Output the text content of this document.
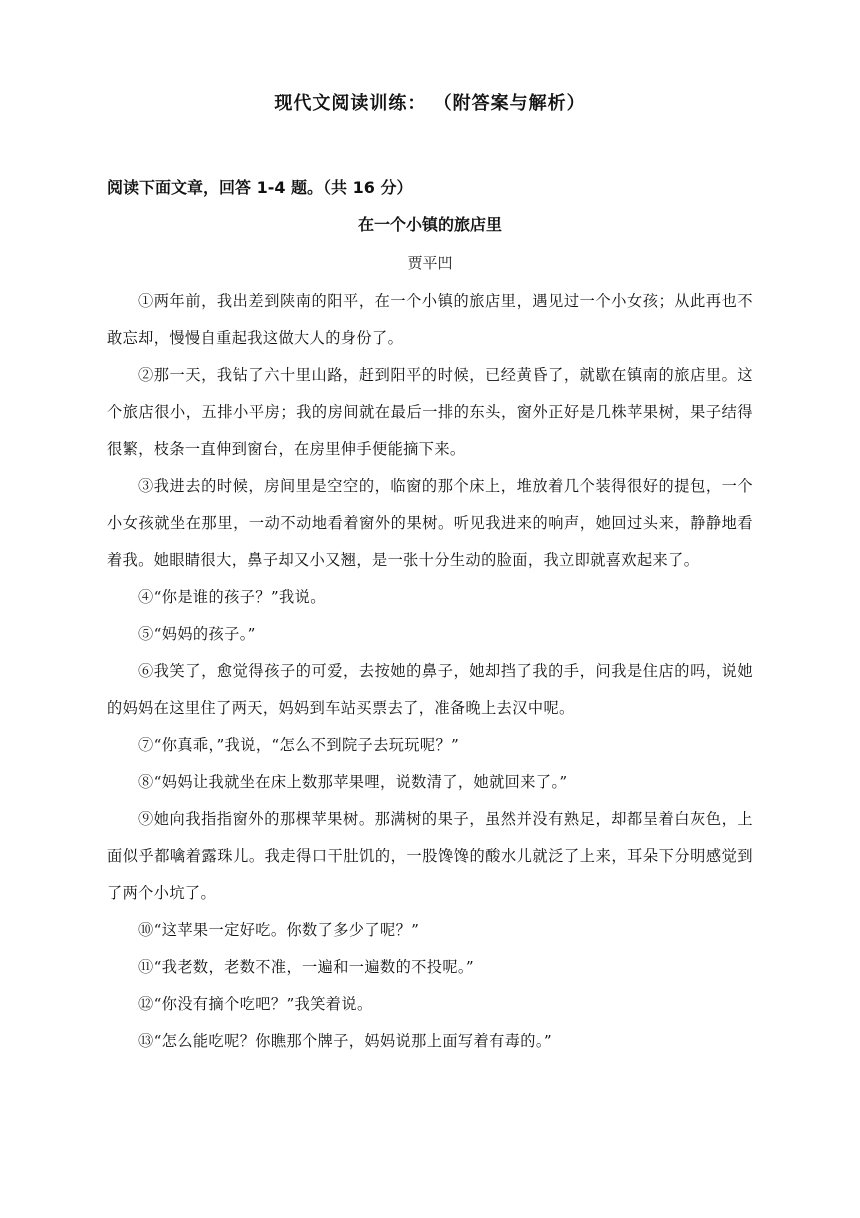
现代文阅读训练： （附答案与解析）
阅读下面文章，回答 1-4 题。（共 16 分）
在一个小镇的旅店里
贾平凹

①两年前，我出差到陕南的阳平，在一个小镇的旅店里，遇见过一个小女孩；从此再也不敢忘却，慢慢自重起我这做大人的身份了。

②那一天，我钻了六十里山路，赶到阳平的时候，已经黄昏了，就歇在镇南的旅店里。这个旅店很小，五排小平房；我的房间就在最后一排的东头，窗外正好是几株苹果树，果子结得很繁，枝条一直伸到窗台，在房里伸手便能摘下来。

③我进去的时候，房间里是空空的，临窗的那个床上，堆放着几个装得很好的提包，一个小女孩就坐在那里，一动不动地看着窗外的果树。听见我进来的响声，她回过头来，静静地看着我。她眼睛很大，鼻子却又小又翘，是一张十分生动的脸面，我立即就喜欢起来了。

④“你是谁的孩子？”我说。

⑤“妈妈的孩子。”

⑥我笑了，愈觉得孩子的可爱，去按她的鼻子，她却挡了我的手，问我是住店的吗，说她的妈妈在这里住了两天，妈妈到车站买票去了，准备晚上去汉中呢。

⑦“你真乖，”我说，“怎么不到院子去玩玩呢？”

⑧“妈妈让我就坐在床上数那苹果哩，说数清了，她就回来了。”

⑨她向我指指窗外的那棵苹果树。那满树的果子，虽然并没有熟足，却都呈着白灰色，上面似乎都噙着露珠儿。我走得口干肚饥的，一股馋馋的酸水儿就泛了上来，耳朵下分明感觉到了两个小坑了。

⑩“这苹果一定好吃。你数了多少了呢？”

⑪“我老数，老数不准，一遍和一遍数的不投呢。”

⑫“你没有摘个吃吧？”我笑着说。

⑬“怎么能吃呢？你瞧那个牌子，妈妈说那上面写着有毒的。”
